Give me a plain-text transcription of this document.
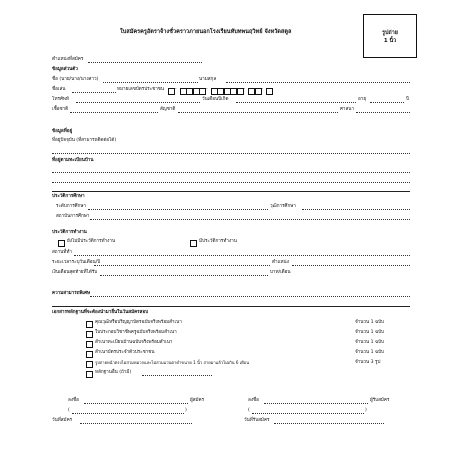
ใบสมัครครูอัตราจ้างชั่วคราวภายนอกโรงเรียนทับทพนฤวิทย์ จังหวัดสตูล	รูปถ่าย
1 นิ้ว
ตำแหน่งที่สมัคร
ข้อมูลส่วนตัว
ชื่อ (นาย/นาง/นางสาว)	นามสกุล
ชื่อเล่น	หมายเลขบัตรประชาชน -	-	-	-
โทรศัพท์	วันเดือนปีเกิด	อายุ	ปี
เชื้อชาติ	สัญชาติ	ศาสนา
ข้อมูลที่อยู่
ที่อยู่ปัจจุบัน (ที่สามารถติดต่อได้)
ที่อยู่ตามทะเบียนบ้าน
ประวัติการศึกษา
ระดับการศึกษา	วุฒิการศึกษา
สถาบันการศึกษา
ประวัติการทำงาน
ยังไม่มีประวัติการทำงาน	มีประวัติการทำงาน
สถานที่ทำ
ระยะเวลาระบุวันเดือน/ปี	ตำแหน่ง
เงินเดือนสุดท้ายที่ได้รับ	บาท/เดือน
ความสามารถพิเศษ
เอกสารหลักฐานที่จะต้องนำมายื่นในวันสมัครสอบ
คุณวุฒิหรือปริญญาบัตรฉบับจริงพร้อมสำเนา	จำนวน 1 ฉบับ
ใบประกอบวิชาชีพครูฉบับจริงพร้อมสำเนา	จำนวน 1 ฉบับ
สำเนาทะเบียนบ้านฉบับจริงพร้อมสำเนา	จำนวน 1 ฉบับ
สำเนาบัตรประจำตัวประชาชน	จำนวน 1 ฉบับ
รูปถ่ายหน้าตรงไม่สวมหมวกและไม่สวมแว่นตาดำขนาด 1 นิ้ว ถ่ายมาแล้วไม่เกิน 6 เดือน	จำนวน 3 รูป
หลักฐานอื่น (ถ้ามี)
ลงชื่อ	ผู้สมัคร
(	)
วันที่สมัคร
ลงชื่อ	ผู้รับสมัคร
(	)
วันที่รับสมัคร
